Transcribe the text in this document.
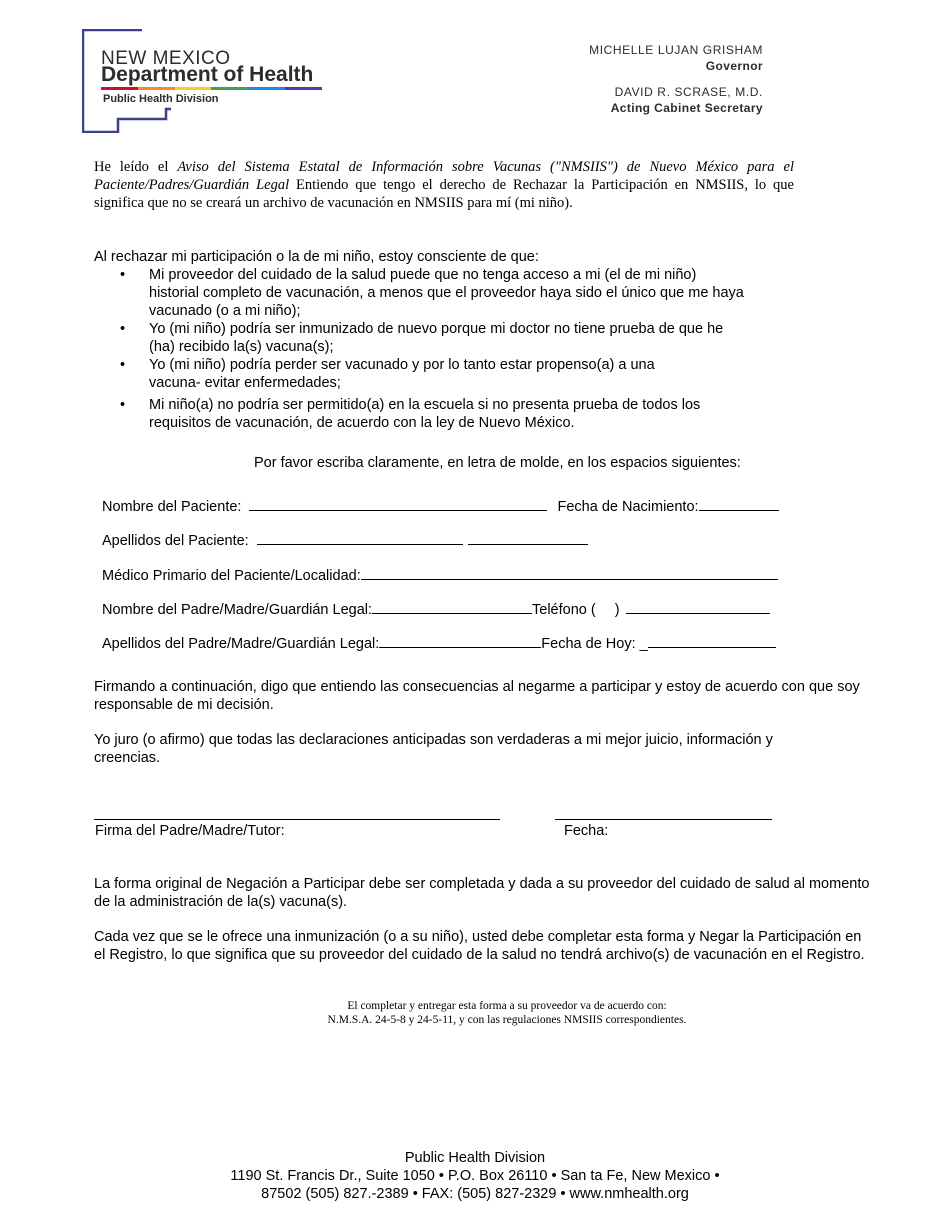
NEW MEXICO
Department of Health
Public Health Division
MICHELLE LUJAN GRISHAM
Governor
DAVID R. SCRASE, M.D.
Acting Cabinet Secretary
He leído el Aviso del Sistema Estatal de Información sobre Vacunas ("NMSIIS") de Nuevo México para el Paciente/Padres/Guardián Legal Entiendo que tengo el derecho de Rechazar la Participación en NMSIIS, lo que significa que no se creará un archivo de vacunación en NMSIIS para mí (mi niño).
Al rechazar mi participación o la de mi niño, estoy consciente de que:
• Mi proveedor del cuidado de la salud puede que no tenga acceso a mi (el de mi niño) historial completo de vacunación, a menos que el proveedor haya sido el único que me haya vacunado (o a mi niño);
• Yo (mi niño) podría ser inmunizado de nuevo porque mi doctor no tiene prueba de que he (ha) recibido la(s) vacuna(s);
• Yo (mi niño) podría perder ser vacunado y por lo tanto estar propenso(a) a una vacuna- evitar enfermedades;
• Mi niño(a) no podría ser permitido(a) en la escuela si no presenta prueba de todos los requisitos de vacunación, de acuerdo con la ley de Nuevo México.
Por favor escriba claramente, en letra de molde, en los espacios siguientes:
Nombre del Paciente:	Fecha de Nacimiento:
Apellidos del Paciente:
Médico Primario del Paciente/Localidad:
Nombre del Padre/Madre/Guardián Legal:	Teléfono ( )
Apellidos del Padre/Madre/Guardián Legal:	Fecha de Hoy: _
Firmando a continuación, digo que entiendo las consecuencias al negarme a participar y estoy de acuerdo con que soy responsable de mi decisión.
Yo juro (o afirmo) que todas las declaraciones anticipadas son verdaderas a mi mejor juicio, información y creencias.
Firma del Padre/Madre/Tutor:	Fecha:
La forma original de Negación a Participar debe ser completada y dada a su proveedor del cuidado de salud al momento de la administración de la(s) vacuna(s).
Cada vez que se le ofrece una inmunización (o a su niño), usted debe completar esta forma y Negar la Participación en el Registro, lo que significa que su proveedor del cuidado de la salud no tendrá archivo(s) de vacunación en el Registro.
El completar y entregar esta forma a su proveedor va de acuerdo con:
N.M.S.A. 24-5-8 y 24-5-11, y con las regulaciones NMSIIS correspondientes.
Public Health Division
1190 St. Francis Dr., Suite 1050 • P.O. Box 26110 • San ta Fe, New Mexico •
87502 (505) 827.-2389 • FAX: (505) 827-2329 • www.nmhealth.org
